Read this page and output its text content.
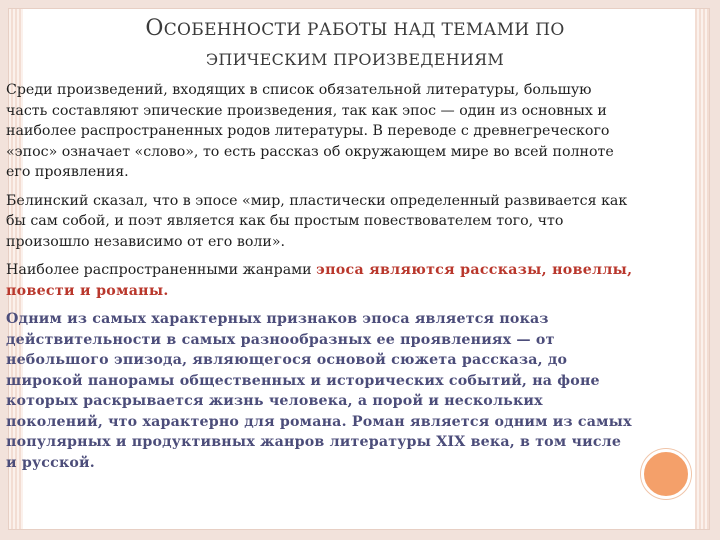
ОСОБЕННОСТИ РАБОТЫ НАД ТЕМАМИ ПО
ЭПИЧЕСКИМ ПРОИЗВЕДЕНИЯМ

Среди произведений, входящих в список обязательной литературы, большую часть составляют эпические произведения, так как эпос — один из основных и наиболее распространенных родов литературы. В переводе с древнегреческого «эпос» означает «слово», то есть рассказ об окружающем мире во всей полноте его проявления.

Белинский сказал, что в эпосе «мир, пластически определенный развивается как бы сам собой, и поэт является как бы простым повествователем того, что произошло независимо от его воли».

Наиболее распространенными жанрами эпоса являются рассказы, новеллы, повести и романы.

Одним из самых характерных признаков эпоса является показ действительности в самых разнообразных ее проявлениях — от небольшого эпизода, являющегося основой сюжета рассказа, до широкой панорамы общественных и исторических событий, на фоне которых раскрывается жизнь человека, а порой и нескольких поколений, что характерно для романа. Роман является одним из самых популярных и продуктивных жанров литературы XIX века, в том числе и русской.
